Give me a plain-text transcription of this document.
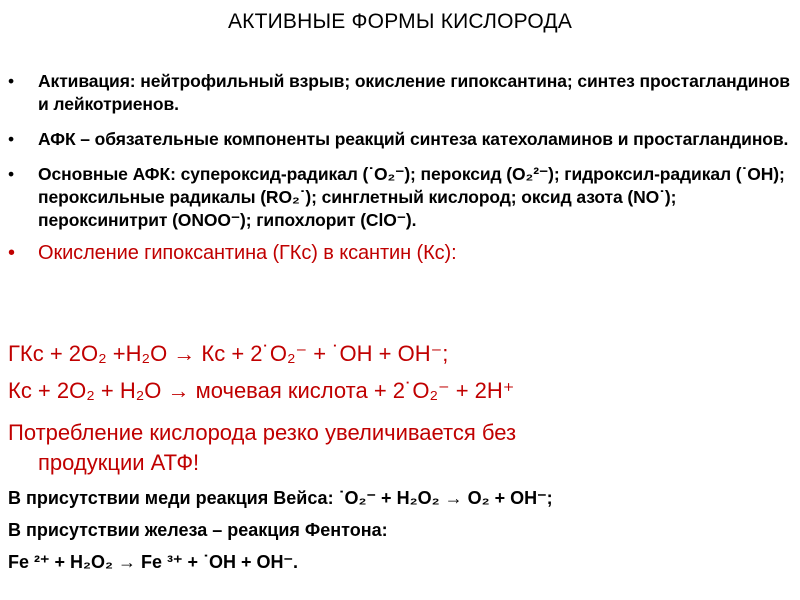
АКТИВНЫЕ ФОРМЫ КИСЛОРОДА
• Активация: нейтрофильный взрыв; окисление гипоксантина; синтез простагландинов и лейкотриенов.
• АФК – обязательные компоненты реакций синтеза катехоламинов и простагландинов.
• Основные АФК: супероксид-радикал (˙O₂⁻); пероксид (O₂²⁻); гидроксил-радикал (˙OH); пероксильные радикалы (RO₂˙); синглетный кислород; оксид азота (NO˙); пероксинитрит (ONOO⁻); гипохлорит (ClO⁻).
• Окисление гипоксантина (ГКс) в ксантин (Кс):
ГКс + 2O₂ +H₂O → Кс + 2˙O₂⁻ + ˙OH + OH⁻;
Кс + 2O₂ + H₂O → мочевая кислота + 2˙O₂⁻ + 2H⁺
Потребление кислорода резко увеличивается без
продукции АТФ!
В присутствии меди реакция Вейса: ˙O₂⁻ + H₂O₂ → O₂ + OH⁻;
В присутствии железа – реакция Фентона:
Fe ²⁺ + H₂O₂ → Fe ³⁺ + ˙OH + OH⁻.
